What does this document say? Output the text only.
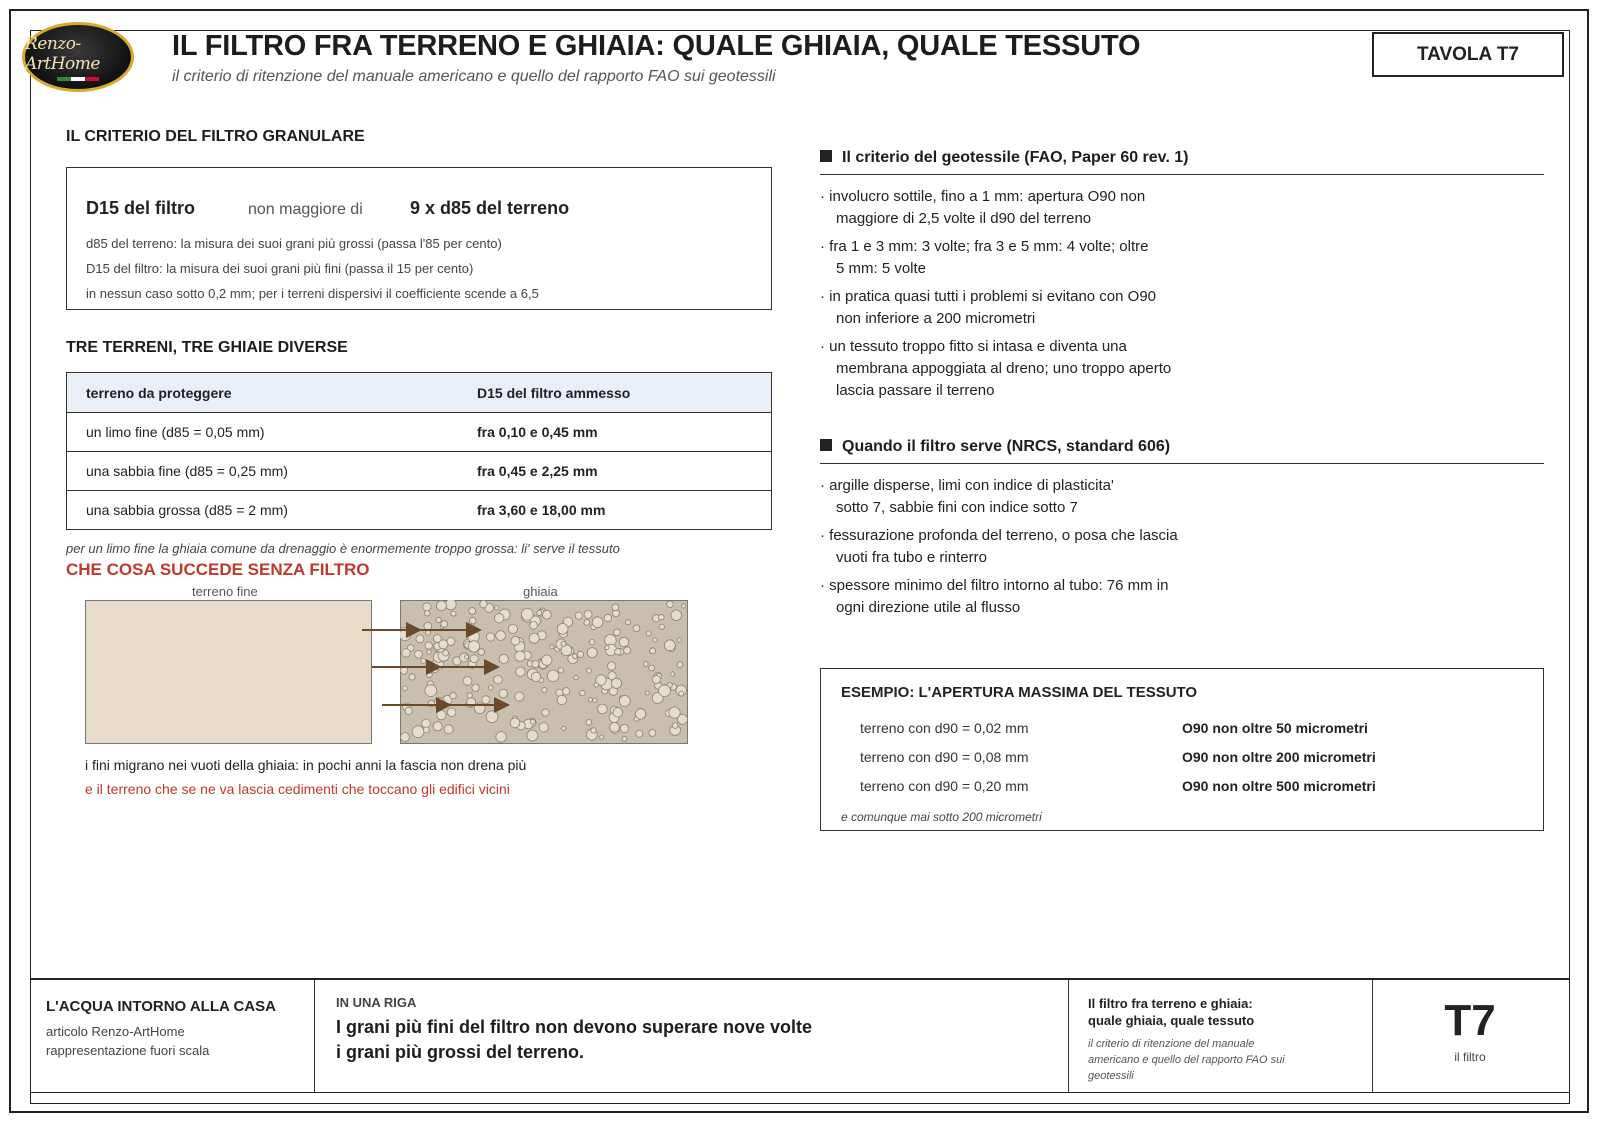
Renzo-ArtHome
IL FILTRO FRA TERRENO E GHIAIA: QUALE GHIAIA, QUALE TESSUTO
il criterio di ritenzione del manuale americano e quello del rapporto FAO sui geotessili
TAVOLA T7
IL CRITERIO DEL FILTRO GRANULARE
D15 del filtro	non maggiore di	9 x d85 del terreno
d85 del terreno: la misura dei suoi grani più grossi (passa l'85 per cento)
D15 del filtro: la misura dei suoi grani più fini (passa il 15 per cento)
in nessun caso sotto 0,2 mm; per i terreni dispersivi il coefficiente scende a 6,5
TRE TERRENI, TRE GHIAIE DIVERSE
terreno da proteggere	D15 del filtro ammesso
un limo fine (d85 = 0,05 mm)	fra 0,10 e 0,45 mm
una sabbia fine (d85 = 0,25 mm)	fra 0,45 e 2,25 mm
una sabbia grossa (d85 = 2 mm)	fra 3,60 e 18,00 mm
per un limo fine la ghiaia comune da drenaggio è enormemente troppo grossa: li' serve il tessuto
CHE COSA SUCCEDE SENZA FILTRO
terreno fine	ghiaia
i fini migrano nei vuoti della ghiaia: in pochi anni la fascia non drena più
e il terreno che se ne va lascia cedimenti che toccano gli edifici vicini
Il criterio del geotessile (FAO, Paper 60 rev. 1)
· involucro sottile, fino a 1 mm: apertura O90 non
maggiore di 2,5 volte il d90 del terreno
· fra 1 e 3 mm: 3 volte; fra 3 e 5 mm: 4 volte; oltre
5 mm: 5 volte
· in pratica quasi tutti i problemi si evitano con O90
non inferiore a 200 micrometri
· un tessuto troppo fitto si intasa e diventa una
membrana appoggiata al dreno; uno troppo aperto
lascia passare il terreno
Quando il filtro serve (NRCS, standard 606)
· argille disperse, limi con indice di plasticita'
sotto 7, sabbie fini con indice sotto 7
· fessurazione profonda del terreno, o posa che lascia
vuoti fra tubo e rinterro
· spessore minimo del filtro intorno al tubo: 76 mm in
ogni direzione utile al flusso
ESEMPIO: L'APERTURA MASSIMA DEL TESSUTO
terreno con d90 = 0,02 mm	O90 non oltre 50 micrometri
terreno con d90 = 0,08 mm	O90 non oltre 200 micrometri
terreno con d90 = 0,20 mm	O90 non oltre 500 micrometri
e comunque mai sotto 200 micrometri
L'ACQUA INTORNO ALLA CASA
articolo Renzo-ArtHome
rappresentazione fuori scala
IN UNA RIGA
I grani più fini del filtro non devono superare nove volte
i grani più grossi del terreno.
Il filtro fra terreno e ghiaia:
quale ghiaia, quale tessuto
il criterio di ritenzione del manuale
americano e quello del rapporto FAO sui
geotessili
T7
il filtro
